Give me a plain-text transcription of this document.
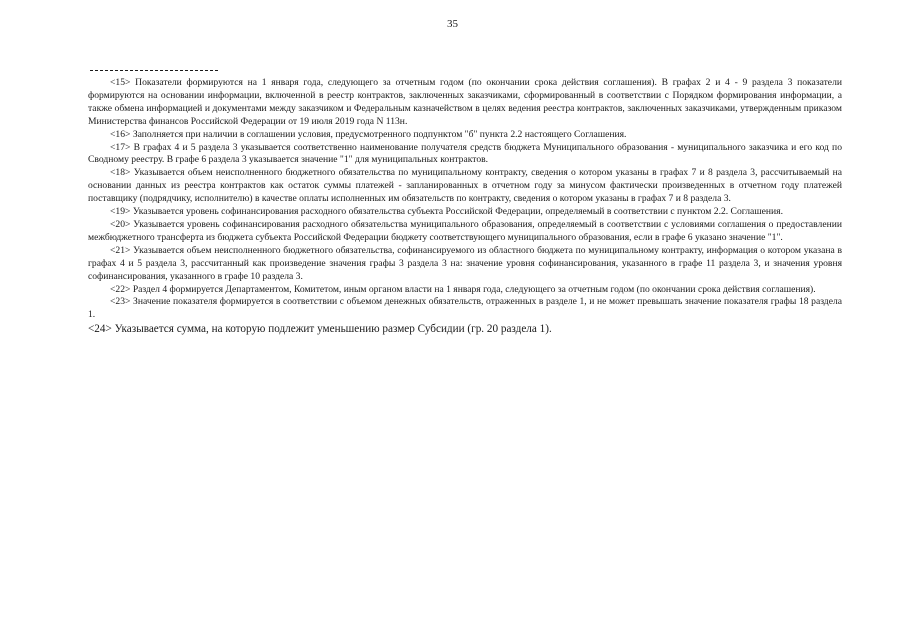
35

<15> Показатели формируются на 1 января года, следующего за отчетным годом (по окончании срока действия соглашения). В графах 2 и 4 - 9 раздела 3 показатели формируются на основании информации, включенной в реестр контрактов, заключенных заказчиками, сформированный в соответствии с Порядком формирования информации, а также обмена информацией и документами между заказчиком и Федеральным казначейством в целях ведения реестра контрактов, заключенных заказчиками, утвержденным приказом Министерства финансов Российской Федерации от 19 июля 2019 года N 113н.

<16> Заполняется при наличии в соглашении условия, предусмотренного подпунктом "б" пункта 2.2 настоящего Соглашения.

<17> В графах 4 и 5 раздела 3 указывается соответственно наименование получателя средств бюджета Муниципального образования - муниципального заказчика и его код по Сводному реестру. В графе 6 раздела 3 указывается значение "1" для муниципальных контрактов.

<18> Указывается объем неисполненного бюджетного обязательства по муниципальному контракту, сведения о котором указаны в графах 7 и 8 раздела 3, рассчитываемый на основании данных из реестра контрактов как остаток суммы платежей - запланированных в отчетном году за минусом фактически произведенных в отчетном году платежей поставщику (подрядчику, исполнителю) в качестве оплаты исполненных им обязательств по контракту, сведения о котором указаны в графах 7 и 8 раздела 3.

<19> Указывается уровень софинансирования расходного обязательства субъекта Российской Федерации, определяемый в соответствии с пунктом 2.2. Соглашения.

<20> Указывается уровень софинансирования расходного обязательства муниципального образования, определяемый в соответствии с условиями соглашения о предоставлении межбюджетного трансферта из бюджета субъекта Российской Федерации бюджету соответствующего муниципального образования, если в графе 6 указано значение "1".

<21> Указывается объем неисполненного бюджетного обязательства, софинансируемого из областного бюджета по муниципальному контракту, информация о котором указана в графах 4 и 5 раздела 3, рассчитанный как произведение значения графы 3 раздела 3 на: значение уровня софинансирования, указанного в графе 11 раздела 3, и значения уровня софинансирования, указанного в графе 10 раздела 3.

<22> Раздел 4 формируется Департаментом, Комитетом, иным органом власти на 1 января года, следующего за отчетным годом (по окончании срока действия соглашения).

<23> Значение показателя формируется в соответствии с объемом денежных обязательств, отраженных в разделе 1, и не может превышать значение показателя графы 18 раздела 1.

<24> Указывается сумма, на которую подлежит уменьшению размер Субсидии (гр. 20 раздела 1).
